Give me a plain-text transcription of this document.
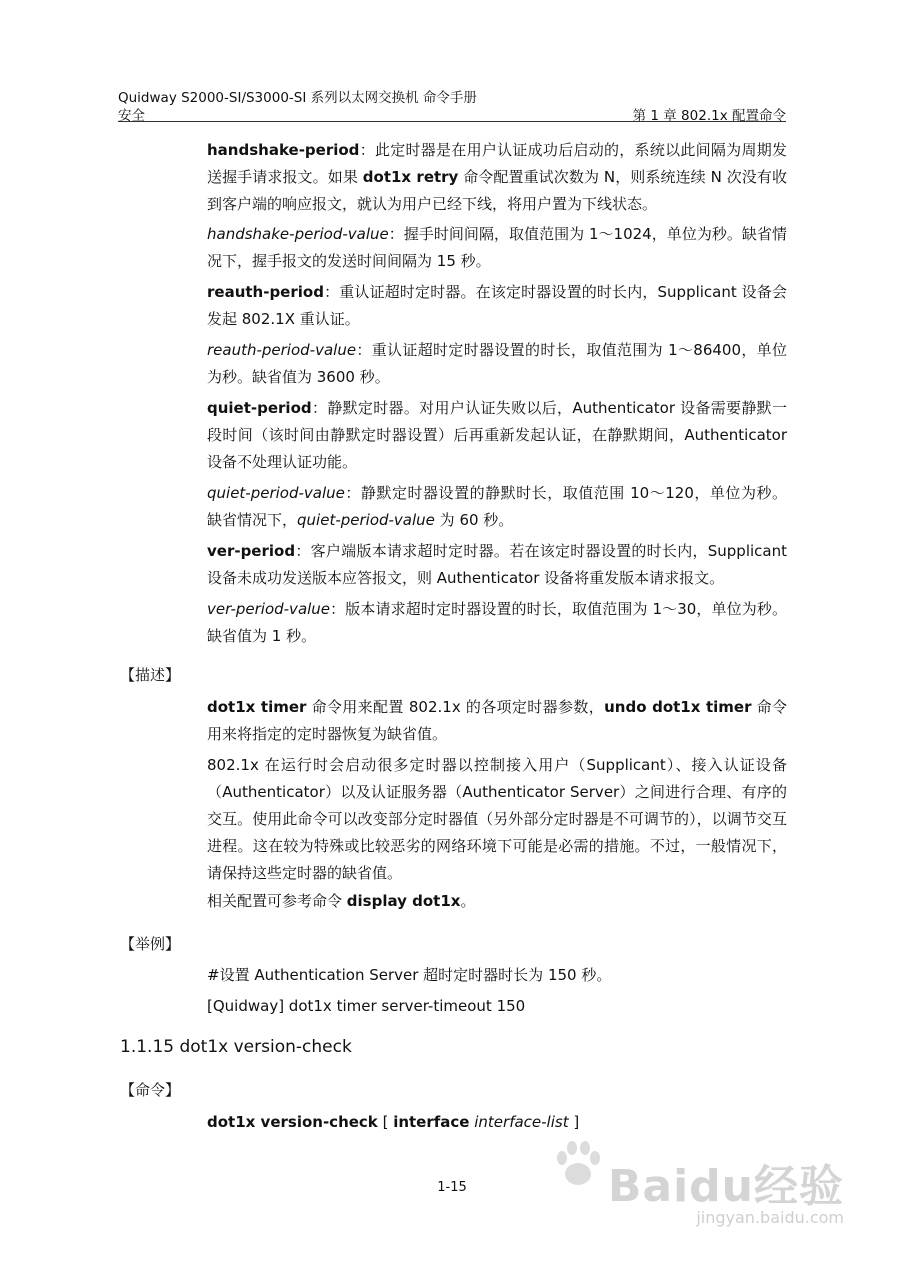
Quidway S2000-SI/S3000-SI 系列以太网交换机 命令手册
安全	第 1 章 802.1x 配置命令

handshake-period：此定时器是在用户认证成功后启动的，系统以此间隔为周期发送握手请求报文。如果 dot1x retry 命令配置重试次数为 N，则系统连续 N 次没有收到客户端的响应报文，就认为用户已经下线，将用户置为下线状态。

handshake-period-value：握手时间间隔，取值范围为 1～1024，单位为秒。缺省情况下，握手报文的发送时间间隔为 15 秒。

reauth-period：重认证超时定时器。在该定时器设置的时长内，Supplicant 设备会发起 802.1X 重认证。

reauth-period-value：重认证超时定时器设置的时长，取值范围为 1～86400，单位为秒。缺省值为 3600 秒。

quiet-period：静默定时器。对用户认证失败以后，Authenticator 设备需要静默一段时间（该时间由静默定时器设置）后再重新发起认证，在静默期间，Authenticator 设备不处理认证功能。

quiet-period-value：静默定时器设置的静默时长，取值范围 10～120，单位为秒。缺省情况下，quiet-period-value 为 60 秒。

ver-period：客户端版本请求超时定时器。若在该定时器设置的时长内，Supplicant 设备未成功发送版本应答报文，则 Authenticator 设备将重发版本请求报文。

ver-period-value：版本请求超时定时器设置的时长，取值范围为 1～30，单位为秒。缺省值为 1 秒。

【描述】

dot1x timer 命令用来配置 802.1x 的各项定时器参数，undo dot1x timer 命令用来将指定的定时器恢复为缺省值。

802.1x 在运行时会启动很多定时器以控制接入用户（Supplicant）、接入认证设备（Authenticator）以及认证服务器（Authenticator Server）之间进行合理、有序的交互。使用此命令可以改变部分定时器值（另外部分定时器是不可调节的），以调节交互进程。这在较为特殊或比较恶劣的网络环境下可能是必需的措施。不过，一般情况下，请保持这些定时器的缺省值。

相关配置可参考命令 display dot1x。

【举例】

#设置 Authentication Server 超时定时器时长为 150 秒。

[Quidway] dot1x timer server-timeout 150

1.1.15 dot1x version-check

【命令】

dot1x version-check [ interface interface-list ]

1-15	Baidu经验
jingyan.baidu.com
